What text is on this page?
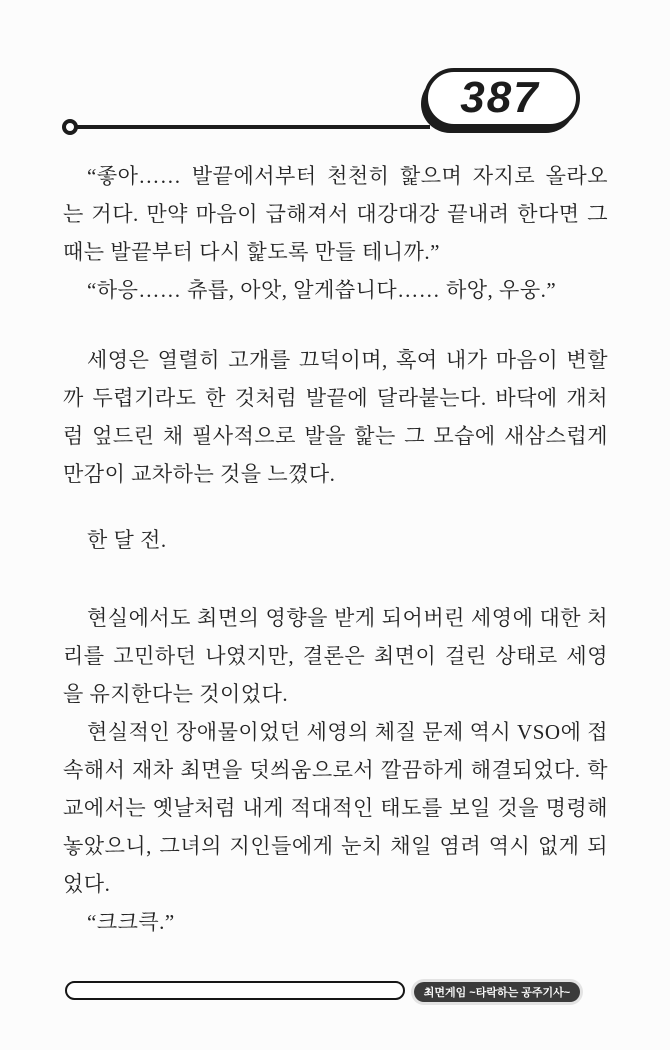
387
“좋아…… 발끝에서부터 천천히 핥으며 자지로 올라오
는 거다. 만약 마음이 급해져서 대강대강 끝내려 한다면 그
때는 발끝부터 다시 핥도록 만들 테니까.”
“하응…… 츄릅, 아앗, 알게씁니다…… 하앙, 우웅.”
세영은 열렬히 고개를 끄덕이며, 혹여 내가 마음이 변할
까 두렵기라도 한 것처럼 발끝에 달라붙는다. 바닥에 개처
럼 엎드린 채 필사적으로 발을 핥는 그 모습에 새삼스럽게
만감이 교차하는 것을 느꼈다.
한 달 전.
현실에서도 최면의 영향을 받게 되어버린 세영에 대한 처
리를 고민하던 나였지만, 결론은 최면이 걸린 상태로 세영
을 유지한다는 것이었다.
현실적인 장애물이었던 세영의 체질 문제 역시 VSO에 접
속해서 재차 최면을 덧씌움으로서 깔끔하게 해결되었다. 학
교에서는 옛날처럼 내게 적대적인 태도를 보일 것을 명령해
놓았으니, 그녀의 지인들에게 눈치 채일 염려 역시 없게 되
었다.
“크크큭.”
최면게임 ~타락하는 공주기사~
